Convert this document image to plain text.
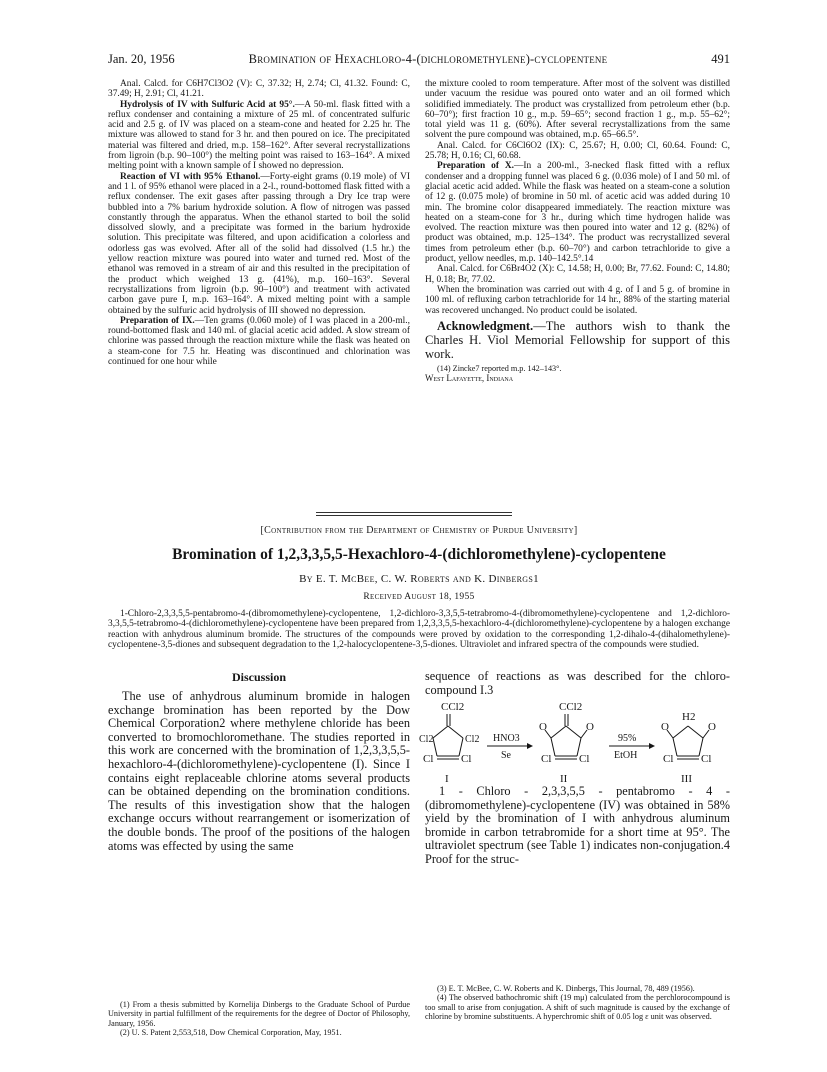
Jan. 20, 1956	Bromination of Hexachloro-4-(dichloromethylene)-cyclopentene	491

Anal. Calcd. for C6H7Cl3O2 (V): C, 37.32; H, 2.74; Cl, 41.32. Found: C, 37.49; H, 2.91; Cl, 41.21.

Hydrolysis of IV with Sulfuric Acid at 95°.—A 50-ml. flask fitted with a reflux condenser and containing a mixture of 25 ml. of concentrated sulfuric acid and 2.5 g. of IV was placed on a steam-cone and heated for 2.25 hr. The mixture was allowed to stand for 3 hr. and then poured on ice. The precipitated material was filtered and dried, m.p. 158–162°. After several recrystallizations from ligroin (b.p. 90–100°) the melting point was raised to 163–164°. A mixed melting point with a known sample of I showed no depression.

Reaction of VI with 95% Ethanol.—Forty-eight grams (0.19 mole) of VI and 1 l. of 95% ethanol were placed in a 2-l., round-bottomed flask fitted with a reflux condenser. The exit gases after passing through a Dry Ice trap were bubbled into a 7% barium hydroxide solution. A flow of nitrogen was passed constantly through the apparatus. When the ethanol started to boil the solid dissolved slowly, and a precipitate was formed in the barium hydroxide solution. This precipitate was filtered, and upon acidification a colorless and odorless gas was evolved. After all of the solid had dissolved (1.5 hr.) the yellow reaction mixture was poured into water and turned red. Most of the ethanol was removed in a stream of air and this resulted in the precipitation of the product which weighed 13 g. (41%), m.p. 160–163°. Several recrystallizations from ligroin (b.p. 90–100°) and treatment with activated carbon gave pure I, m.p. 163–164°. A mixed melting point with a sample obtained by the sulfuric acid hydrolysis of III showed no depression.

Preparation of IX.—Ten grams (0.060 mole) of I was placed in a 200-ml., round-bottomed flask and 140 ml. of glacial acetic acid added. A slow stream of chlorine was passed through the reaction mixture while the flask was heated on a steam-cone for 7.5 hr. Heating was discontinued and chlorination was continued for one hour while

the mixture cooled to room temperature. After most of the solvent was distilled under vacuum the residue was poured onto water and an oil formed which solidified immediately. The product was crystallized from petroleum ether (b.p. 60–70°); first fraction 10 g., m.p. 59–65°; second fraction 1 g., m.p. 55–62°; total yield was 11 g. (60%). After several recrystallizations from the same solvent the pure compound was obtained, m.p. 65–66.5°.

Anal. Calcd. for C6Cl6O2 (IX): C, 25.67; H, 0.00; Cl, 60.64. Found: C, 25.78; H, 0.16; Cl, 60.68.

Preparation of X.—In a 200-ml., 3-necked flask fitted with a reflux condenser and a dropping funnel was placed 6 g. (0.036 mole) of I and 50 ml. of glacial acetic acid added. While the flask was heated on a steam-cone a solution of 12 g. (0.075 mole) of bromine in 50 ml. of acetic acid was added during 10 min. The bromine color disappeared immediately. The reaction mixture was heated on a steam-cone for 3 hr., during which time hydrogen halide was evolved. The reaction mixture was then poured into water and 12 g. (82%) of product was obtained, m.p. 125–134°. The product was recrystallized several times from petroleum ether (b.p. 60–70°) and carbon tetrachloride to give a product, yellow needles, m.p. 140–142.5°.14

Anal. Calcd. for C6Br4O2 (X): C, 14.58; H, 0.00; Br, 77.62. Found: C, 14.80; H, 0.18; Br, 77.02.

When the bromination was carried out with 4 g. of I and 5 g. of bromine in 100 ml. of refluxing carbon tetrachloride for 14 hr., 88% of the starting material was recovered unchanged. No product could be isolated.

Acknowledgment.—The authors wish to thank the Charles H. Viol Memorial Fellowship for support of this work.

(14) Zincke7 reported m.p. 142–143°.

West Lafayette, Indiana

[Contribution from the Department of Chemistry of Purdue University]
Bromination of 1,2,3,3,5,5-Hexachloro-4-(dichloromethylene)-cyclopentene
By E. T. McBee, C. W. Roberts and K. Dinbergs1
Received August 18, 1955
1-Chloro-2,3,3,5,5-pentabromo-4-(dibromomethylene)-cyclopentene, 1,2-dichloro-3,3,5,5-tetrabromo-4-(dibromomethylene)-cyclopentene and 1,2-dichloro-3,3,5,5-tetrabromo-4-(dichloromethylene)-cyclopentene have been prepared from 1,2,3,3,5,5-hexachloro-4-(dichloromethylene)-cyclopentene by a halogen exchange reaction with anhydrous aluminum bromide. The structures of the compounds were proved by oxidation to the corresponding 1,2-dihalo-4-(dihalomethylene)-cyclopentene-3,5-diones and subsequent degradation to the 1,2-halocyclopentene-3,5-diones. Ultraviolet and infrared spectra of the compounds were studied.
Discussion

The use of anhydrous aluminum bromide in halogen exchange bromination has been reported by the Dow Chemical Corporation2 where methylene chloride has been converted to bromochloromethane. The studies reported in this work are concerned with the bromination of 1,2,3,3,5,5-hexachloro-4-(dichloromethylene)-cyclopentene (I). Since I contains eight replaceable chlorine atoms several products can be obtained depending on the bromination conditions. The results of this investigation show that the halogen exchange occurs without rearrangement or isomerization of the double bonds. The proof of the positions of the halogen atoms was effected by using the same

sequence of reactions as was described for the chloro-compound I.3

CCl2
Cl2	Cl2
Cl	Cl
I
HNO3
Se
CCl2
O	O
Cl	Cl
II
95%
EtOH
H2
O	O
Cl	Cl
III

1 - Chloro - 2,3,3,5,5 - pentabromo - 4 - (dibromomethylene)-cyclopentene (IV) was obtained in 58% yield by the bromination of I with anhydrous aluminum bromide in carbon tetrabromide for a short time at 95°. The ultraviolet spectrum (see Table 1) indicates non-conjugation.4 Proof for the struc-

(1) From a thesis submitted by Kornelija Dinbergs to the Graduate School of Purdue University in partial fulfillment of the requirements for the degree of Doctor of Philosophy, January, 1956.

(2) U. S. Patent 2,553,518, Dow Chemical Corporation, May, 1951.

(3) E. T. McBee, C. W. Roberts and K. Dinbergs, This Journal, 78, 489 (1956).

(4) The observed bathochromic shift (19 mμ) calculated from the perchlorocompound is too small to arise from conjugation. A shift of such magnitude is caused by the exchange of chlorine by bromine substituents. A hyperchromic shift of 0.05 log ε unit was observed.
